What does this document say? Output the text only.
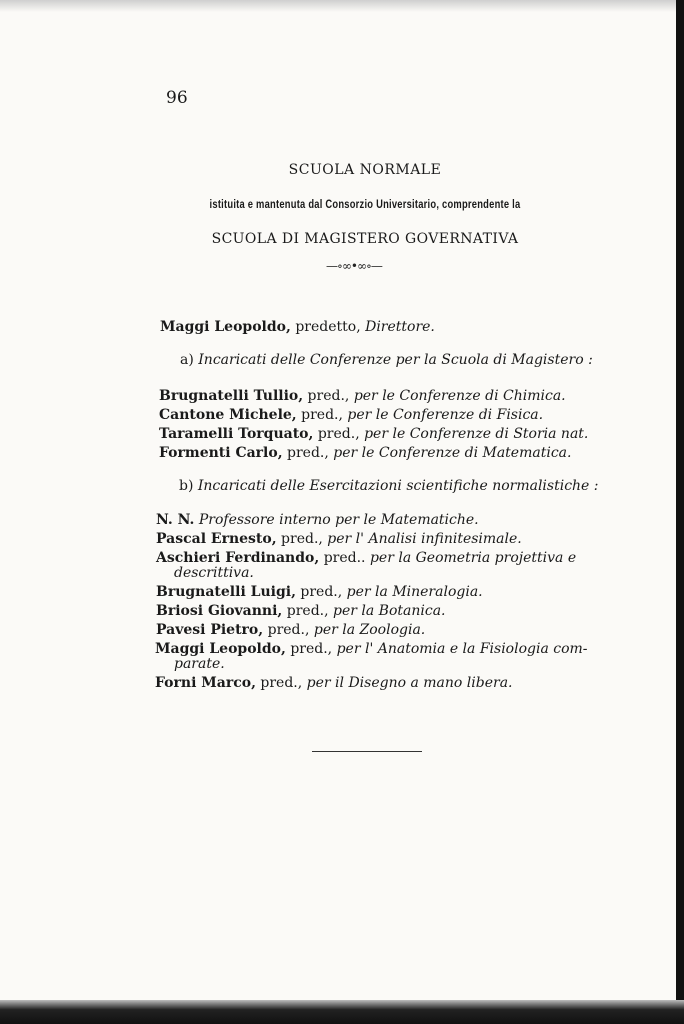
96
SCUOLA NORMALE
istituita e mantenuta dal Consorzio Universitario, comprendente la
SCUOLA DI MAGISTERO GOVERNATIVA
—∘∞•∞∘—
Maggi Leopoldo, predetto, Direttore.
a) Incaricati delle Conferenze per la Scuola di Magistero :
Brugnatelli Tullio, pred., per le Conferenze di Chimica.
Cantone Michele, pred., per le Conferenze di Fisica.
Taramelli Torquato, pred., per le Conferenze di Storia nat.
Formenti Carlo, pred., per le Conferenze di Matematica.
b) Incaricati delle Esercitazioni scientifiche normalistiche :
N. N. Professore interno per le Matematiche.
Pascal Ernesto, pred., per l' Analisi infinitesimale.
Aschieri Ferdinando, pred.. per la Geometria projettiva e
descrittiva.
Brugnatelli Luigi, pred., per la Mineralogia.
Briosi Giovanni, pred., per la Botanica.
Pavesi Pietro, pred., per la Zoologia.
Maggi Leopoldo, pred., per l' Anatomia e la Fisiologia com-
parate.
Forni Marco, pred., per il Disegno a mano libera.
